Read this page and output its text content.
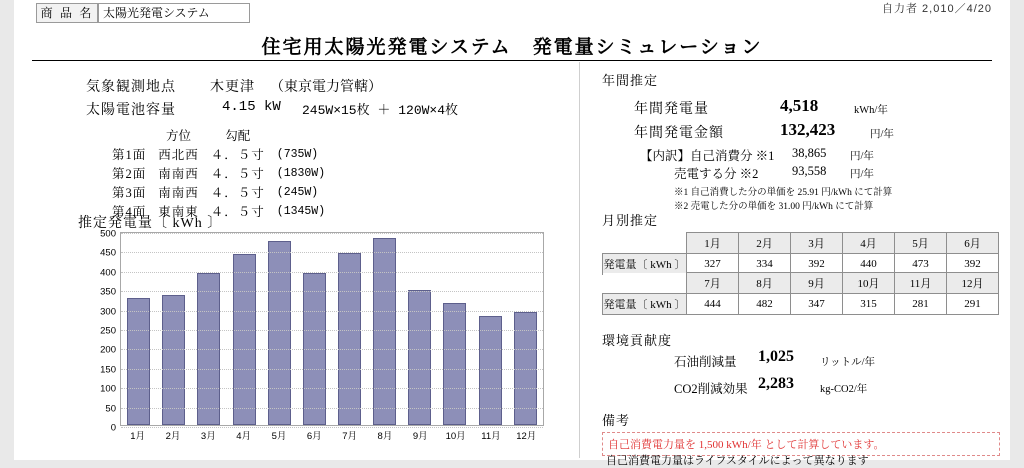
商 品 名 太陽光発電システム	自力者 2,010／4/20
住宅用太陽光発電システム　発電量シミュレーション
気象観測地点 木更津 （東京電力管轄）
太陽電池容量	4.15 kW 245W×15枚 ＋ 120W×4枚
	方位	勾配	
第1面	西北西	４．５寸	(735W)
第2面	南南西	４．５寸	(1830W)
第3面	南南西	４．５寸	(245W)
第4面	東南東	４．５寸	(1345W)
推定発電量〔 kWh 〕
0
50
100
150
200
250
300
350
400
450
500
1月	2月	3月	4月	5月	6月	7月	8月	9月	10月	11月	12月
年間推定
年間発電量	4,518	kWh/年
年間発電金額	132,423	円/年
【内訳】自己消費分 ※1 38,865 円/年
売電する分 ※2	93,558 円/年
※1 自己消費した分の単価を 25.91 円/kWh にて計算
※2 売電した分の単価を 31.00 円/kWh にて計算
月別推定
	1月	2月	3月	4月	5月	6月
発電量〔 kWh 〕	327	334	392	440	473	392
	7月	8月	9月	10月	11月	12月
発電量〔 kWh 〕	444	482	347	315	281	291
環境貢献度
石油削減量 1,025 リットル/年
CO2削減効果 2,283 kg-CO2/年
備考
自己消費電力量を 1,500 kWh/年 として計算しています。
自己消費電力量はライフスタイルによって異なります
